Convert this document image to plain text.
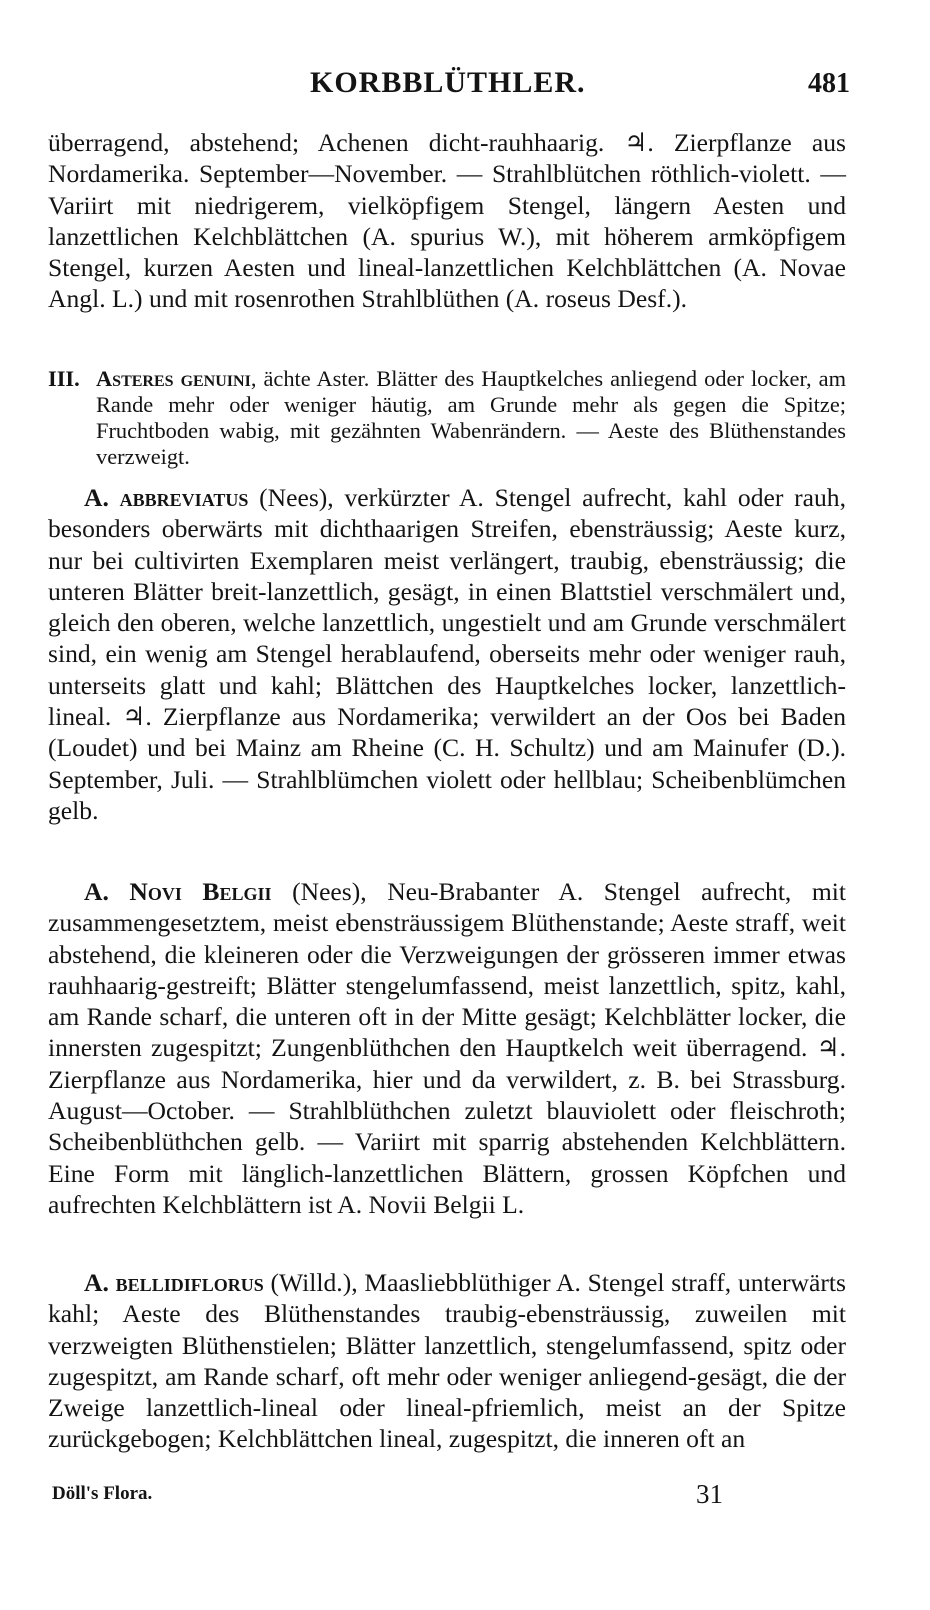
KORBBLÜTHLER.	481

überragend, abstehend; Achenen dicht-rauhhaarig. ♃. Zierpflanze aus Nordamerika. September—November. — Strahlblütchen röthlich-violett. — Variirt mit niedrigerem, vielköpfigem Stengel, längern Aesten und lanzettlichen Kelchblättchen (A. spurius W.), mit höherem armköpfigem Stengel, kurzen Aesten und lineal-lanzettlichen Kelchblättchen (A. Novae Angl. L.) und mit rosenrothen Strahlblüthen (A. roseus Desf.).

III. Asteres genuini, ächte Aster. Blätter des Hauptkelches anliegend oder locker, am Rande mehr oder weniger häutig, am Grunde mehr als gegen die Spitze; Fruchtboden wabig, mit gezähnten Wabenrändern. — Aeste des Blüthenstandes verzweigt.

A. abbreviatus (Nees), verkürzter A. Stengel aufrecht, kahl oder rauh, besonders oberwärts mit dichthaarigen Streifen, ebensträussig; Aeste kurz, nur bei cultivirten Exemplaren meist verlängert, traubig, ebensträussig; die unteren Blätter breit-lanzettlich, gesägt, in einen Blattstiel verschmälert und, gleich den oberen, welche lanzettlich, ungestielt und am Grunde verschmälert sind, ein wenig am Stengel herablaufend, oberseits mehr oder weniger rauh, unterseits glatt und kahl; Blättchen des Hauptkelches locker, lanzettlich-lineal. ♃. Zierpflanze aus Nordamerika; verwildert an der Oos bei Baden (Loudet) und bei Mainz am Rheine (C. H. Schultz) und am Mainufer (D.). September, Juli. — Strahlblümchen violett oder hellblau; Scheibenblümchen gelb.

A. Novi Belgii (Nees), Neu-Brabanter A. Stengel aufrecht, mit zusammengesetztem, meist ebensträussigem Blüthenstande; Aeste straff, weit abstehend, die kleineren oder die Verzweigungen der grösseren immer etwas rauhhaarig-gestreift; Blätter stengelumfassend, meist lanzettlich, spitz, kahl, am Rande scharf, die unteren oft in der Mitte gesägt; Kelchblätter locker, die innersten zugespitzt; Zungenblüthchen den Hauptkelch weit überragend. ♃. Zierpflanze aus Nordamerika, hier und da verwildert, z. B. bei Strassburg. August—October. — Strahlblüthchen zuletzt blauviolett oder fleischroth; Scheibenblüthchen gelb. — Variirt mit sparrig abstehenden Kelchblättern. Eine Form mit länglich-lanzettlichen Blättern, grossen Köpfchen und aufrechten Kelchblättern ist A. Novii Belgii L.

A. bellidiflorus (Willd.), Maasliebblüthiger A. Stengel straff, unterwärts kahl; Aeste des Blüthenstandes traubig-ebensträussig, zuweilen mit verzweigten Blüthenstielen; Blätter lanzettlich, stengelumfassend, spitz oder zugespitzt, am Rande scharf, oft mehr oder weniger anliegend-gesägt, die der Zweige lanzettlich-lineal oder lineal-pfriemlich, meist an der Spitze zurückgebogen; Kelchblättchen lineal, zugespitzt, die inneren oft an

Döll's Flora.	31
